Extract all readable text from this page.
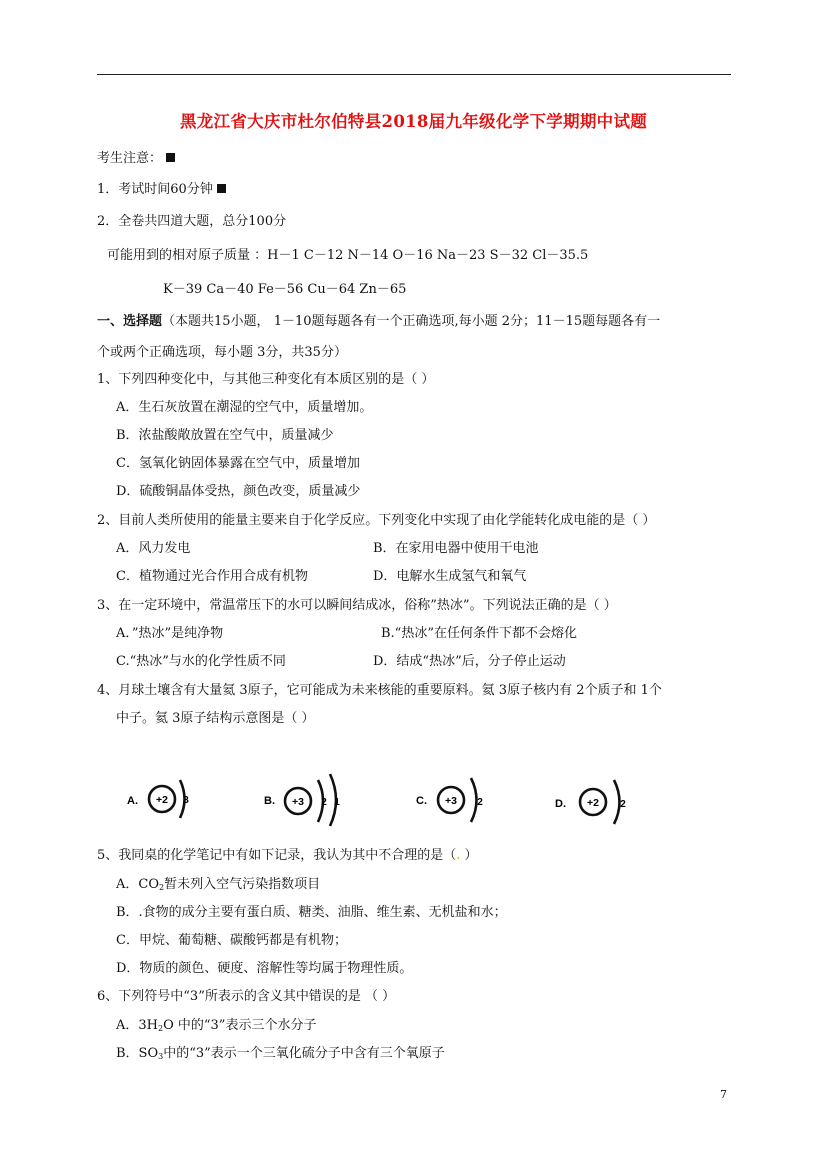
黑龙江省大庆市杜尔伯特县2018届九年级化学下学期期中试题
考生注意：
1．考试时间60分钟
2．全卷共四道大题，总分100分
可能用到的相对原子质量 ：H－1 C－12 N－14 O－16 Na－23 S－32 Cl－35.5
K－39 Ca－40 Fe－56 Cu－64 Zn－65
一、选择题（本题共15小题， 1－10题每题各有一个正确选项,每小题 2分；11－15题每题各有一
个或两个正确选项，每小题 3分，共35分）
1、下列四种变化中，与其他三种变化有本质区别的是（ ）
A．生石灰放置在潮湿的空气中，质量增加。
B．浓盐酸敞放置在空气中，质量减少
C．氢氧化钠固体暴露在空气中，质量增加
D．硫酸铜晶体受热，颜色改变，质量减少
2、目前人类所使用的能量主要来自于化学反应。下列变化中实现了由化学能转化成电能的是（ ）
A．风力发电	B．在家用电器中使用干电池
C．植物通过光合作用合成有机物	D．电解水生成氢气和氧气
3、在一定环境中，常温常压下的水可以瞬间结成冰，俗称”热冰”。下列说法正确的是（ ）
A．”热冰”是纯净物	B.“热冰”在任何条件下都不会熔化
C.“热冰”与水的化学性质不同	D．结成“热冰”后，分子停止运动
4、月球土壤含有大量氦 3原子，它可能成为未来核能的重要原料。氦 3原子核内有 2个质子和 1个
中子。氦 3原子结构示意图是（ ）
A. +2 3	B. +3 2 1	C. +3 2	D. +2 2
5、我同桌的化学笔记中有如下记录，我认为其中不合理的是（. ）
A．$CO_2$暂未列入空气污染指数项目
B．.食物的成分主要有蛋白质、糖类、油脂、维生素、无机盐和水；
C．甲烷、葡萄糖、碳酸钙都是有机物；
D．物质的颜色、硬度、溶解性等均属于物理性质。
6、下列符号中“3”所表示的含义其中错误的是 （ ）
A．$3H_2O$ 中的“3”表示三个水分子
B．$SO_3$中的“3”表示一个三氧化硫分子中含有三个氧原子
7
